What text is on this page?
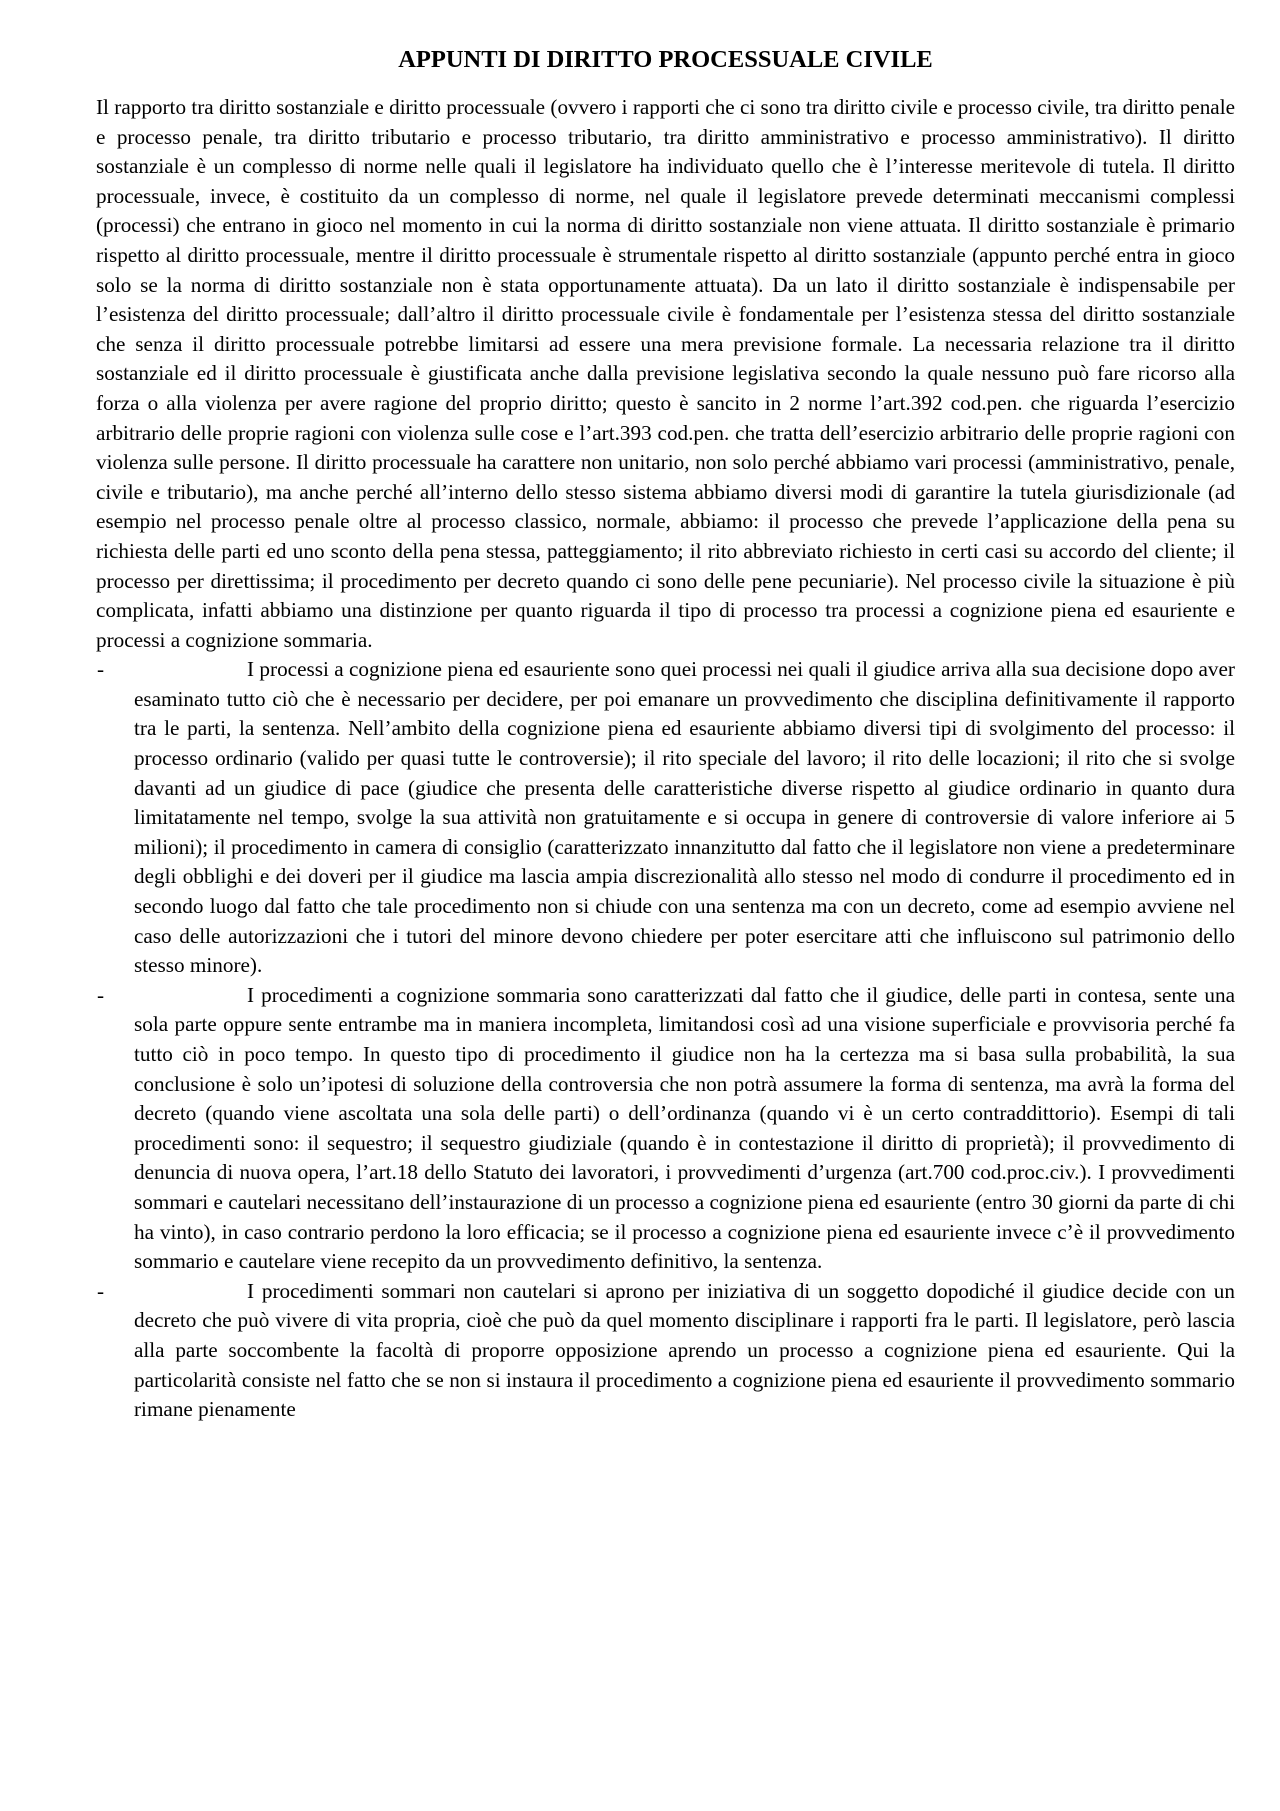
APPUNTI DI DIRITTO PROCESSUALE CIVILE

Il rapporto tra diritto sostanziale e diritto processuale (ovvero i rapporti che ci sono tra diritto civile e processo civile, tra diritto penale e processo penale, tra diritto tributario e processo tributario, tra diritto amministrativo e processo amministrativo). Il diritto sostanziale è un complesso di norme nelle quali il legislatore ha individuato quello che è l’interesse meritevole di tutela. Il diritto processuale, invece, è costituito da un complesso di norme, nel quale il legislatore prevede determinati meccanismi complessi (processi) che entrano in gioco nel momento in cui la norma di diritto sostanziale non viene attuata. Il diritto sostanziale è primario rispetto al diritto processuale, mentre il diritto processuale è strumentale rispetto al diritto sostanziale (appunto perché entra in gioco solo se la norma di diritto sostanziale non è stata opportunamente attuata). Da un lato il diritto sostanziale è indispensabile per l’esistenza del diritto processuale; dall’altro il diritto processuale civile è fondamentale per l’esistenza stessa del diritto sostanziale che senza il diritto processuale potrebbe limitarsi ad essere una mera previsione formale. La necessaria relazione tra il diritto sostanziale ed il diritto processuale è giustificata anche dalla previsione legislativa secondo la quale nessuno può fare ricorso alla forza o alla violenza per avere ragione del proprio diritto; questo è sancito in 2 norme l’art.392 cod.pen. che riguarda l’esercizio arbitrario delle proprie ragioni con violenza sulle cose e l’art.393 cod.pen. che tratta dell’esercizio arbitrario delle proprie ragioni con violenza sulle persone. Il diritto processuale ha carattere non unitario, non solo perché abbiamo vari processi (amministrativo, penale, civile e tributario), ma anche perché all’interno dello stesso sistema abbiamo diversi modi di garantire la tutela giurisdizionale (ad esempio nel processo penale oltre al processo classico, normale, abbiamo: il processo che prevede l’applicazione della pena su richiesta delle parti ed uno sconto della pena stessa, patteggiamento; il rito abbreviato richiesto in certi casi su accordo del cliente; il processo per direttissima; il procedimento per decreto quando ci sono delle pene pecuniarie). Nel processo civile la situazione è più complicata, infatti abbiamo una distinzione per quanto riguarda il tipo di processo tra processi a cognizione piena ed esauriente e processi a cognizione sommaria.

-	I processi a cognizione piena ed esauriente sono quei processi nei quali il giudice arriva alla sua decisione dopo aver esaminato tutto ciò che è necessario per decidere, per poi emanare un provvedimento che disciplina definitivamente il rapporto tra le parti, la sentenza. Nell’ambito della cognizione piena ed esauriente abbiamo diversi tipi di svolgimento del processo: il processo ordinario (valido per quasi tutte le controversie); il rito speciale del lavoro; il rito delle locazioni; il rito che si svolge davanti ad un giudice di pace (giudice che presenta delle caratteristiche diverse rispetto al giudice ordinario in quanto dura limitatamente nel tempo, svolge la sua attività non gratuitamente e si occupa in genere di controversie di valore inferiore ai 5 milioni); il procedimento in camera di consiglio (caratterizzato innanzitutto dal fatto che il legislatore non viene a predeterminare degli obblighi e dei doveri per il giudice ma lascia ampia discrezionalità allo stesso nel modo di condurre il procedimento ed in secondo luogo dal fatto che tale procedimento non si chiude con una sentenza ma con un decreto, come ad esempio avviene nel caso delle autorizzazioni che i tutori del minore devono chiedere per poter esercitare atti che influiscono sul patrimonio dello stesso minore).
-	I procedimenti a cognizione sommaria sono caratterizzati dal fatto che il giudice, delle parti in contesa, sente una sola parte oppure sente entrambe ma in maniera incompleta, limitandosi così ad una visione superficiale e provvisoria perché fa tutto ciò in poco tempo. In questo tipo di procedimento il giudice non ha la certezza ma si basa sulla probabilità, la sua conclusione è solo un’ipotesi di soluzione della controversia che non potrà assumere la forma di sentenza, ma avrà la forma del decreto (quando viene ascoltata una sola delle parti) o dell’ordinanza (quando vi è un certo contraddittorio). Esempi di tali procedimenti sono: il sequestro; il sequestro giudiziale (quando è in contestazione il diritto di proprietà); il provvedimento di denuncia di nuova opera, l’art.18 dello Statuto dei lavoratori, i provvedimenti d’urgenza (art.700 cod.proc.civ.). I provvedimenti sommari e cautelari necessitano dell’instaurazione di un processo a cognizione piena ed esauriente (entro 30 giorni da parte di chi ha vinto), in caso contrario perdono la loro efficacia; se il processo a cognizione piena ed esauriente invece c’è il provvedimento sommario e cautelare viene recepito da un provvedimento definitivo, la sentenza.
-	I procedimenti sommari non cautelari si aprono per iniziativa di un soggetto dopodiché il giudice decide con un decreto che può vivere di vita propria, cioè che può da quel momento disciplinare i rapporti fra le parti. Il legislatore, però lascia alla parte soccombente la facoltà di proporre opposizione aprendo un processo a cognizione piena ed esauriente. Qui la particolarità consiste nel fatto che se non si instaura il procedimento a cognizione piena ed esauriente il provvedimento sommario rimane pienamente
